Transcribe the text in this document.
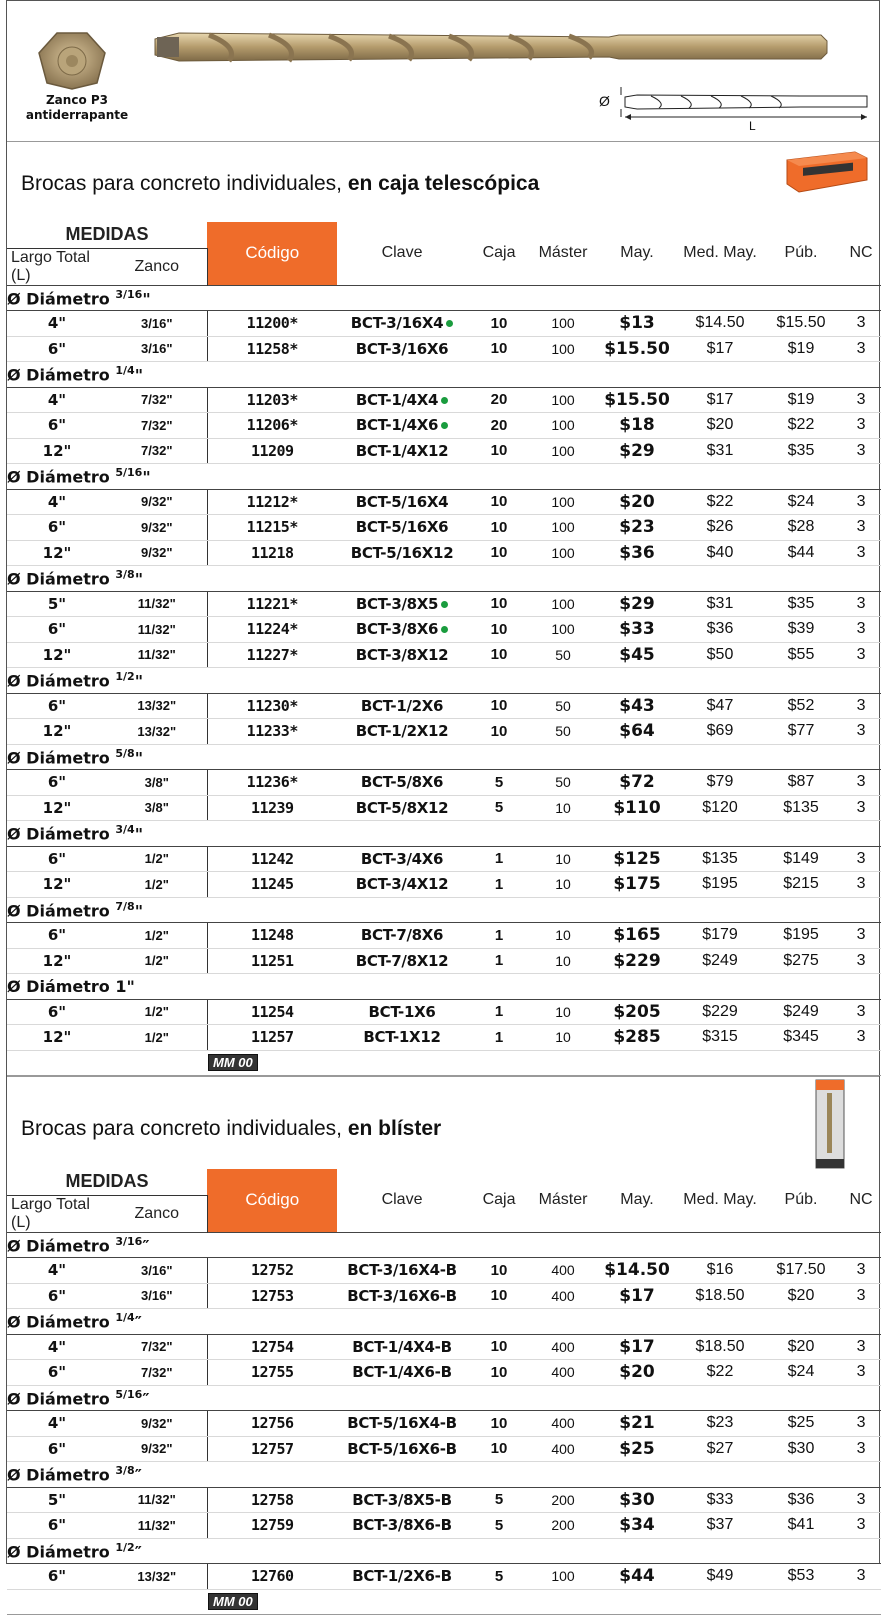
Zanco P3
antiderrapante
Ø
L
Brocas para concreto individuales, en caja telescópica
MEDIDAS		Código	Clave	Caja	Máster	May.	Med. May.	Púb.	NC
Largo Total (L)	Zanco								
Ø Diámetro $^{3/16}$"									
4"	3/16"	11200*	BCT-3/16X4	10	100	$13	$14.50	$15.50	3
6"	3/16"	11258*	BCT-3/16X6	10	100	$15.50	$17	$19	3
Ø Diámetro $^{1/4}$"									
4"	7/32"	11203*	BCT-1/4X4	20	100	$15.50	$17	$19	3
6"	7/32"	11206*	BCT-1/4X6	20	100	$18	$20	$22	3
12"	7/32"	11209	BCT-1/4X12	10	100	$29	$31	$35	3
Ø Diámetro $^{5/16}$"									
4"	9/32"	11212*	BCT-5/16X4	10	100	$20	$22	$24	3
6"	9/32"	11215*	BCT-5/16X6	10	100	$23	$26	$28	3
12"	9/32"	11218	BCT-5/16X12	10	100	$36	$40	$44	3
Ø Diámetro $^{3/8}$"									
5"	11/32"	11221*	BCT-3/8X5	10	100	$29	$31	$35	3
6"	11/32"	11224*	BCT-3/8X6	10	100	$33	$36	$39	3
12"	11/32"	11227*	BCT-3/8X12	10	50	$45	$50	$55	3
Ø Diámetro $^{1/2}$"									
6"	13/32"	11230*	BCT-1/2X6	10	50	$43	$47	$52	3
12"	13/32"	11233*	BCT-1/2X12	10	50	$64	$69	$77	3
Ø Diámetro $^{5/8}$"									
6"	3/8"	11236*	BCT-5/8X6	5	50	$72	$79	$87	3
12"	3/8"	11239	BCT-5/8X12	5	10	$110	$120	$135	3
Ø Diámetro $^{3/4}$"									
6"	1/2"	11242	BCT-3/4X6	1	10	$125	$135	$149	3
12"	1/2"	11245	BCT-3/4X12	1	10	$175	$195	$215	3
Ø Diámetro $^{7/8}$"									
6"	1/2"	11248	BCT-7/8X6	1	10	$165	$179	$195	3
12"	1/2"	11251	BCT-7/8X12	1	10	$229	$249	$275	3
Ø Diámetro 1"									
6"	1/2"	11254	BCT-1X6	1	10	$205	$229	$249	3
12"	1/2"	11257	BCT-1X12	1	10	$285	$315	$345	3
		MM 00							
Brocas para concreto individuales, en blíster
MEDIDAS		Código	Clave	Caja	Máster	May.	Med. May.	Púb.	NC
Largo Total (L)	Zanco								
Ø Diámetro $^{3/16}$″									
4"	3/16"	12752	BCT-3/16X4-B	10	400	$14.50	$16	$17.50	3
6"	3/16"	12753	BCT-3/16X6-B	10	400	$17	$18.50	$20	3
Ø Diámetro $^{1/4}$″									
4"	7/32"	12754	BCT-1/4X4-B	10	400	$17	$18.50	$20	3
6"	7/32"	12755	BCT-1/4X6-B	10	400	$20	$22	$24	3
Ø Diámetro $^{5/16}$″									
4"	9/32"	12756	BCT-5/16X4-B	10	400	$21	$23	$25	3
6"	9/32"	12757	BCT-5/16X6-B	10	400	$25	$27	$30	3
Ø Diámetro $^{3/8}$″									
5"	11/32"	12758	BCT-3/8X5-B	5	200	$30	$33	$36	3
6"	11/32"	12759	BCT-3/8X6-B	5	200	$34	$37	$41	3
Ø Diámetro $^{1/2}$″									
6"	13/32"	12760	BCT-1/2X6-B	5	100	$44	$49	$53	3
		MM 00							
